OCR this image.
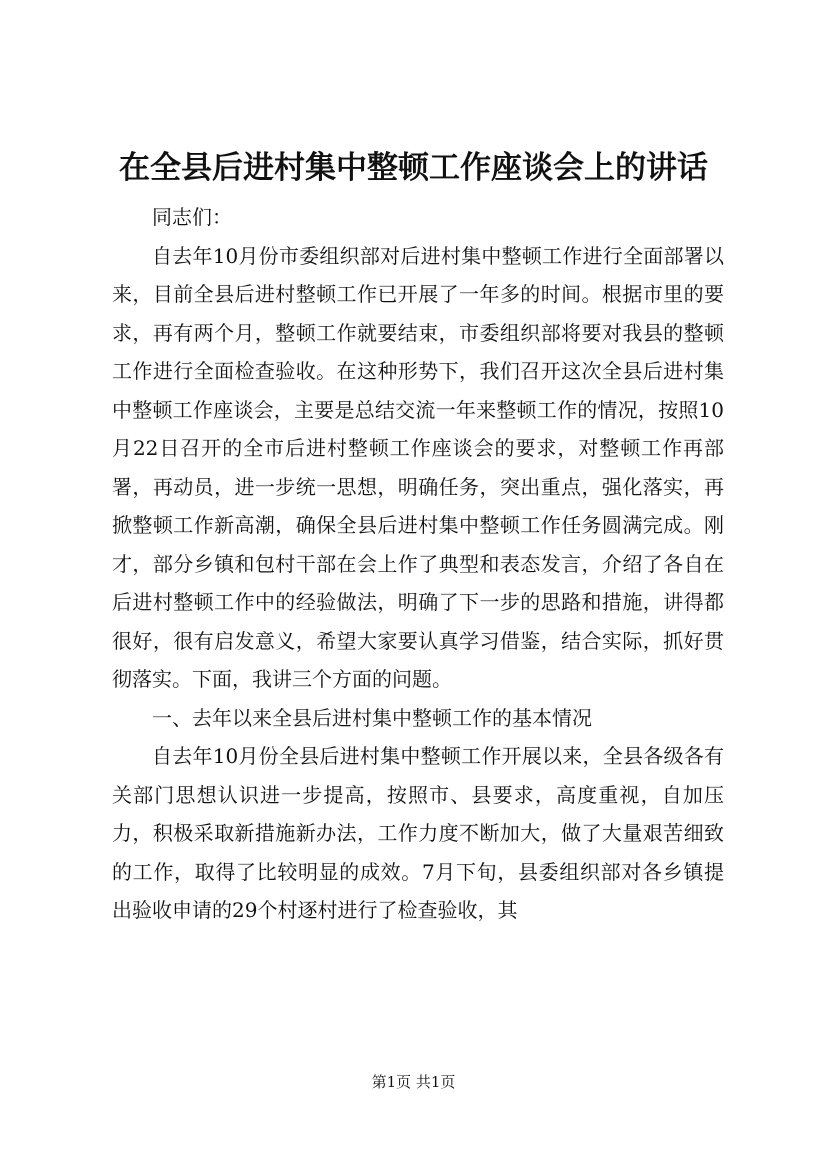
在全县后进村集中整顿工作座谈会上的讲话

同志们：

自去年10月份市委组织部对后进村集中整顿工作进行全面部署以来，目前全县后进村整顿工作已开展了一年多的时间。根据市里的要求，再有两个月，整顿工作就要结束，市委组织部将要对我县的整顿工作进行全面检查验收。在这种形势下，我们召开这次全县后进村集中整顿工作座谈会，主要是总结交流一年来整顿工作的情况，按照10月22日召开的全市后进村整顿工作座谈会的要求，对整顿工作再部署，再动员，进一步统一思想，明确任务，突出重点，强化落实，再掀整顿工作新高潮，确保全县后进村集中整顿工作任务圆满完成。刚才，部分乡镇和包村干部在会上作了典型和表态发言，介绍了各自在后进村整顿工作中的经验做法，明确了下一步的思路和措施，讲得都很好，很有启发意义，希望大家要认真学习借鉴，结合实际，抓好贯彻落实。下面，我讲三个方面的问题。

一、去年以来全县后进村集中整顿工作的基本情况

自去年10月份全县后进村集中整顿工作开展以来，全县各级各有关部门思想认识进一步提高，按照市、县要求，高度重视，自加压力，积极采取新措施新办法，工作力度不断加大，做了大量艰苦细致的工作，取得了比较明显的成效。7月下旬，县委组织部对各乡镇提出验收申请的29个村逐村进行了检查验收，其

第1页 共1页
